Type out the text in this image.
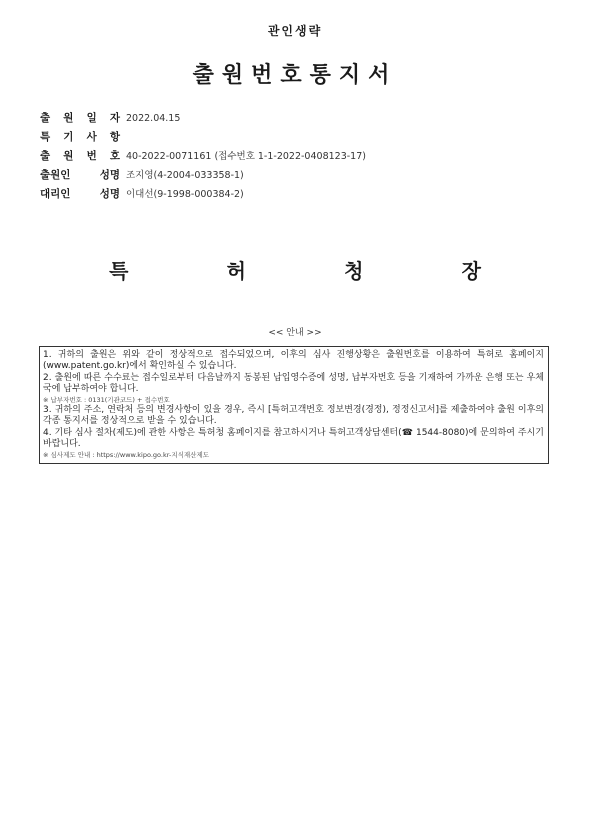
관인생략
출원번호통지서
출 원 일 자 2022.04.15
특 기 사 항
출 원 번 호 40-2022-0071161 (접수번호 1-1-2022-0408123-17)
출원인	성명 조지영(4-2004-033358-1)
대리인	성명 이대선(9-1998-000384-2)
특	허	청	장
<< 안내 >>

1. 귀하의 출원은 위와 같이 정상적으로 접수되었으며, 이후의 심사 진행상황은 출원번호를 이용하여 특허로 홈페이지(www.patent.go.kr)에서 확인하실 수 있습니다.

2. 출원에 따른 수수료는 접수일로부터 다음날까지 동봉된 납입영수증에 성명, 납부자번호 등을 기재하여 가까운 은행 또는 우체국에 납부하여야 합니다.

※ 납부자번호 : 0131(기관코드) + 접수번호

3. 귀하의 주소, 연락처 등의 변경사항이 있을 경우, 즉시 [특허고객번호 정보변경(경정), 정정신고서]를 제출하여야 출원 이후의 각종 통지서를 정상적으로 받을 수 있습니다.

4. 기타 심사 절차(제도)에 관한 사항은 특허청 홈페이지를 참고하시거나 특허고객상담센터(☎ 1544-8080)에 문의하여 주시기 바랍니다.

※ 심사제도 안내 : https://www.kipo.go.kr-지식재산제도
